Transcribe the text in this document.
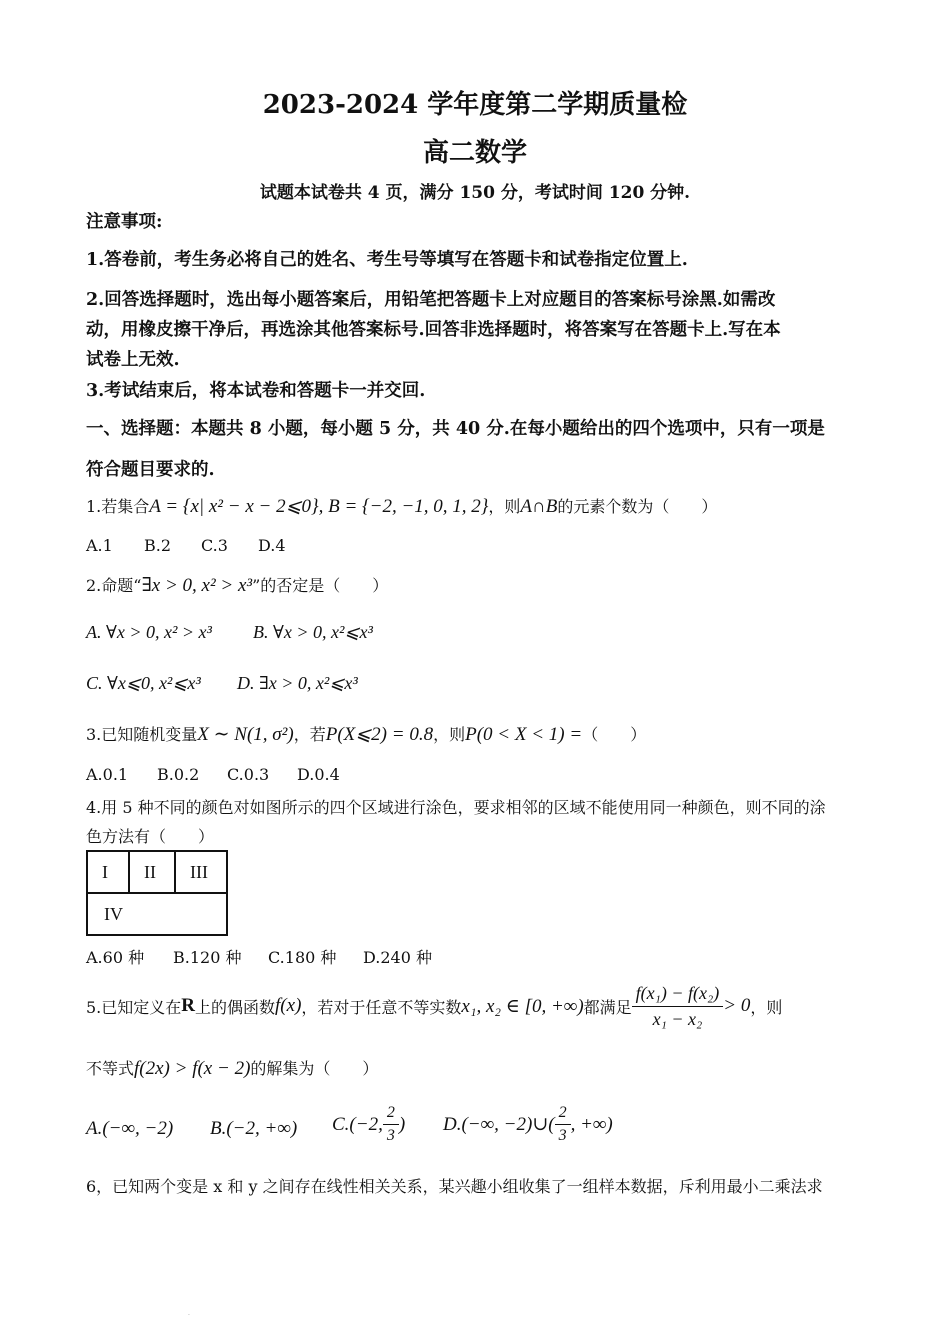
2023-2024 学年度第二学期质量检
高二数学
试题本试卷共 4 页，满分 150 分，考试时间 120 分钟.
注意事项:
1.答卷前，考生务必将自己的姓名、考生号等填写在答题卡和试卷指定位置上.
2.回答选择题时，选出每小题答案后，用铅笔把答题卡上对应题目的答案标号涂黑.如需改
动，用橡皮擦干净后，再选涂其他答案标号.回答非选择题时，将答案写在答题卡上.写在本
试卷上无效.
3.考试结束后，将本试卷和答题卡一并交回.
一、选择题：本题共 8 小题，每小题 5 分，共 40 分.在每小题给出的四个选项中，只有一项是
符合题目要求的.
1.若集合A = {x| x² − x − 2⩽0}, B = {−2, −1, 0, 1, 2}，则A∩B的元素个数为（　　）
A.1 B.2 C.3 D.4
2.命题“∃x > 0, x² > x³”的否定是（　　）
A. ∀x > 0, x² > x³ B. ∀x > 0, x²⩽x³
C. ∀x⩽0, x²⩽x³ D. ∃x > 0, x²⩽x³
3.已知随机变量X ∼ N(1, σ²)，若P(X⩽2) = 0.8，则P(0 < X < 1) =（　　）
A.0.1 B.0.2 C.0.3 D.0.4
4.用 5 种不同的颜色对如图所示的四个区域进行涂色，要求相邻的区域不能使用同一种颜色，则不同的涂
色方法有（　　）
I	II	III
IV
A.60 种 B.120 种 C.180 种 D.240 种
5.已知定义在 R 上的偶函数 f(x) ，若对于任意不等实数 x₁, x₂ ∈ [0, +∞) 都满足 $\frac{\text{f(x₁) − f(x₂)}}{\text{x₁ − x₂}} > 0$ ，则
不等式f(2x) > f(x − 2)的解集为（　　）
A.(−∞, −2) B.(−2, +∞) C.(−2, $\frac{2}{3}$ ) D.(−∞, −2)∪( $\frac{2}{3}$ , +∞)
6，已知两个变是 x 和 y 之间存在线性相关关系，某兴趣小组收集了一组样本数据，斥利用最小二乘法求
.
